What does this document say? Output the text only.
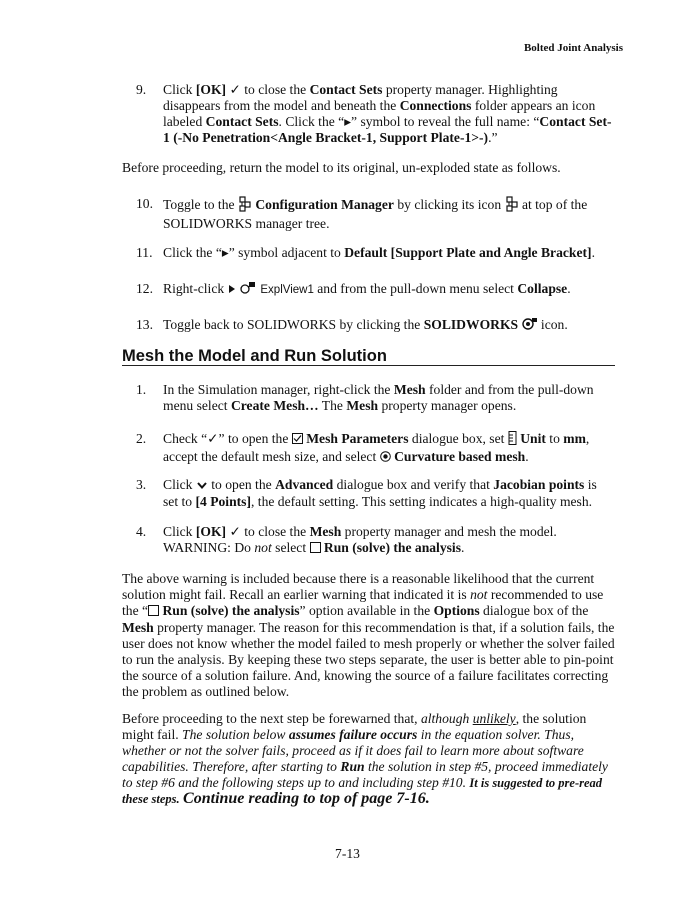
Bolted Joint Analysis
9. Click [OK] ✓ to close the Contact Sets property manager. Highlighting disappears from the model and beneath the Connections folder appears an icon labeled Contact Sets. Click the “▸” symbol to reveal the full name: “Contact Set-1 (-No Penetration<Angle Bracket-1, Support Plate-1>-).”
Before proceeding, return the model to its original, un-exploded state as follows.
10. Toggle to the  Configuration Manager by clicking its icon  at top of the SOLIDWORKS manager tree.
11. Click the “▸” symbol adjacent to Default [Support Plate and Angle Bracket].
12. Right-click	ExplView1 and from the pull-down menu select Collapse.
13. Toggle back to SOLIDWORKS by clicking the SOLIDWORKS  icon.
Mesh the Model and Run Solution
1. In the Simulation manager, right-click the Mesh folder and from the pull-down menu select Create Mesh… The Mesh property manager opens.
2. Check “✓” to open the  Mesh Parameters dialogue box, set  Unit to mm, accept the default mesh size, and select  Curvature based mesh.
3. Click  to open the Advanced dialogue box and verify that Jacobian points is set to [4 Points], the default setting. This setting indicates a high-quality mesh.
4. Click [OK] ✓ to close the Mesh property manager and mesh the model.
WARNING: Do not select  Run (solve) the analysis.
The above warning is included because there is a reasonable likelihood that the current solution might fail. Recall an earlier warning that indicated it is not recommended to use the “ Run (solve) the analysis” option available in the Options dialogue box of the Mesh property manager. The reason for this recommendation is that, if a solution fails, the user does not know whether the model failed to mesh properly or whether the solver failed to run the analysis. By keeping these two steps separate, the user is better able to pin-point the source of a solution failure. And, knowing the source of a failure facilitates correcting the problem as outlined below.
Before proceeding to the next step be forewarned that, although unlikely, the solution might fail. The solution below assumes failure occurs in the equation solver. Thus, whether or not the solver fails, proceed as if it does fail to learn more about software capabilities. Therefore, after starting to Run the solution in step #5, proceed immediately to step #6 and the following steps up to and including step #10. It is suggested to pre-read these steps. Continue reading to top of page 7-16.
7-13
